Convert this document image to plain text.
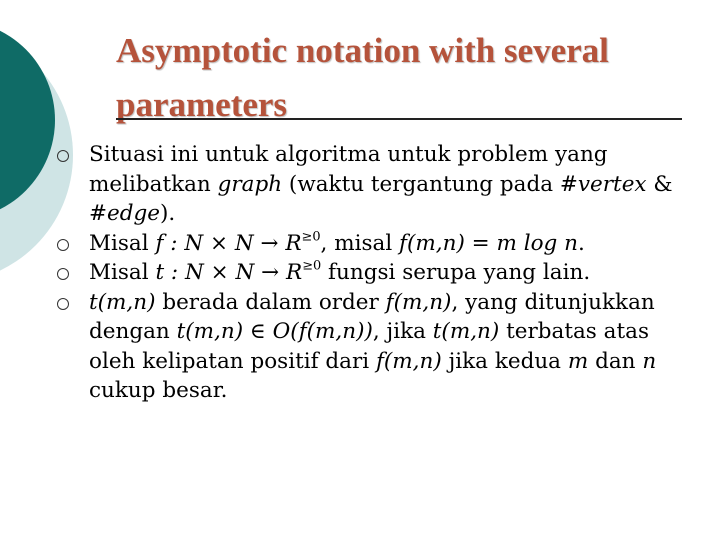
Asymptotic notation with several
parameters
Situasi ini untuk algoritma untuk problem yang melibatkan graph (waktu tergantung pada #vertex & #edge).
Misal f : $N \times N \to R^{\ge 0}$, misal f(m,n) = m log n.
Misal t : $N \times N \to R^{\ge 0}$ fungsi serupa yang lain.
t(m,n) berada dalam order f(m,n), yang ditunjukkan dengan t(m,n) ∈ O(f(m,n)), jika t(m,n) terbatas atas oleh kelipatan positif dari f(m,n) jika kedua m dan n cukup besar.
